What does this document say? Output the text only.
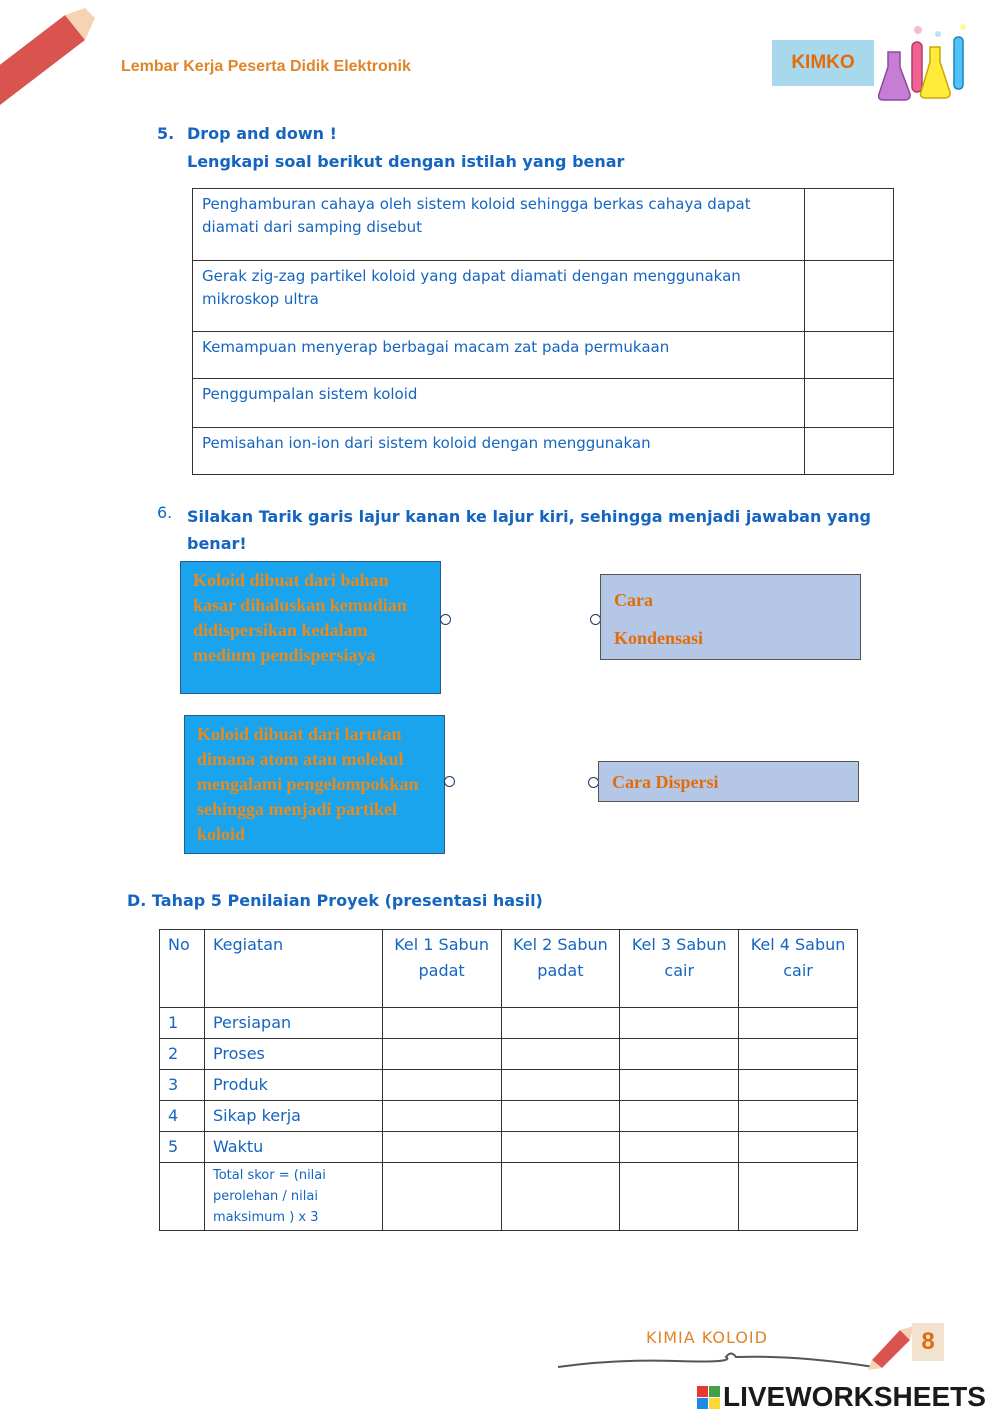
Lembar Kerja Peserta Didik Elektronik	KIMKO
5. Drop and down !
Lengkapi soal berikut dengan istilah yang benar
Penghamburan cahaya oleh sistem koloid sehingga berkas cahaya dapat diamati dari samping disebut	
Gerak zig-zag partikel koloid yang dapat diamati dengan menggunakan mikroskop ultra	
Kemampuan menyerap berbagai macam zat pada permukaan	
Penggumpalan sistem koloid	
Pemisahan ion-ion dari sistem koloid dengan menggunakan	
6. Silakan Tarik garis lajur kanan ke lajur kiri, sehingga menjadi jawaban yang benar!
Koloid dibuat dari bahan kasar dihaluskan kemudian didispersikan kedalam medium pendispersiaya
Koloid dibuat dari larutan dimana atom atau molekul mengalami pengelompokkan sehingga menjadi partikel koloid
Cara
Kondensasi
Cara Dispersi
D. Tahap 5 Penilaian Proyek (presentasi hasil)
No	Kegiatan	Kel 1 Sabun padat	Kel 2 Sabun padat	Kel 3 Sabun cair	Kel 4 Sabun cair
1	Persiapan				
2	Proses				
3	Produk				
4	Sikap kerja				
5	Waktu				
	Total skor = (nilai perolehan / nilai maksimum ) x 3				
KIMIA KOLOID	8
LIVEWORKSHEETS
